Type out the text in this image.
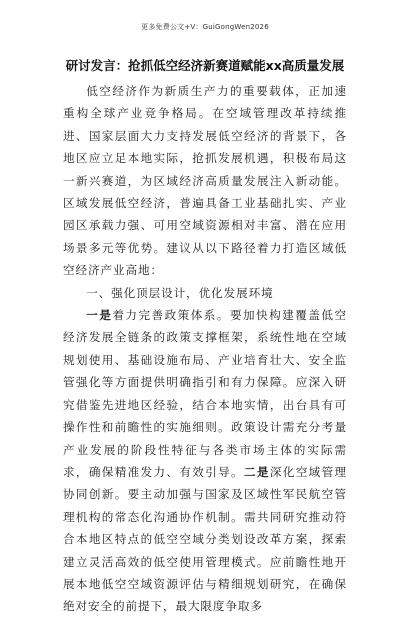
更多免费公文+V：GuiGongWen2026
研讨发言：抢抓低空经济新赛道赋能xx高质量发展

低空经济作为新质生产力的重要载体，正加速重构全球产业竞争格局。在空域管理改革持续推进、国家层面大力支持发展低空经济的背景下，各地区应立足本地实际，抢抓发展机遇，积极布局这一新兴赛道，为区域经济高质量发展注入新动能。区域发展低空经济，普遍具备工业基础扎实、产业园区承载力强、可用空域资源相对丰富、潜在应用场景多元等优势。建议从以下路径着力打造区域低空经济产业高地：

一、强化顶层设计，优化发展环境

一是着力完善政策体系。要加快构建覆盖低空经济发展全链条的政策支撑框架，系统性地在空域规划使用、基础设施布局、产业培育壮大、安全监管强化等方面提供明确指引和有力保障。应深入研究借鉴先进地区经验，结合本地实情，出台具有可操作性和前瞻性的实施细则。政策设计需充分考量产业发展的阶段性特征与各类市场主体的实际需求，确保精准发力、有效引导。二是深化空域管理协同创新。要主动加强与国家及区域性军民航空管理机构的常态化沟通协作机制。需共同研究推动符合本地区特点的低空空域分类划设改革方案，探索建立灵活高效的低空使用管理模式。应前瞻性地开展本地低空空域资源评估与精细规划研究，在确保绝对安全的前提下，最大限度争取多
